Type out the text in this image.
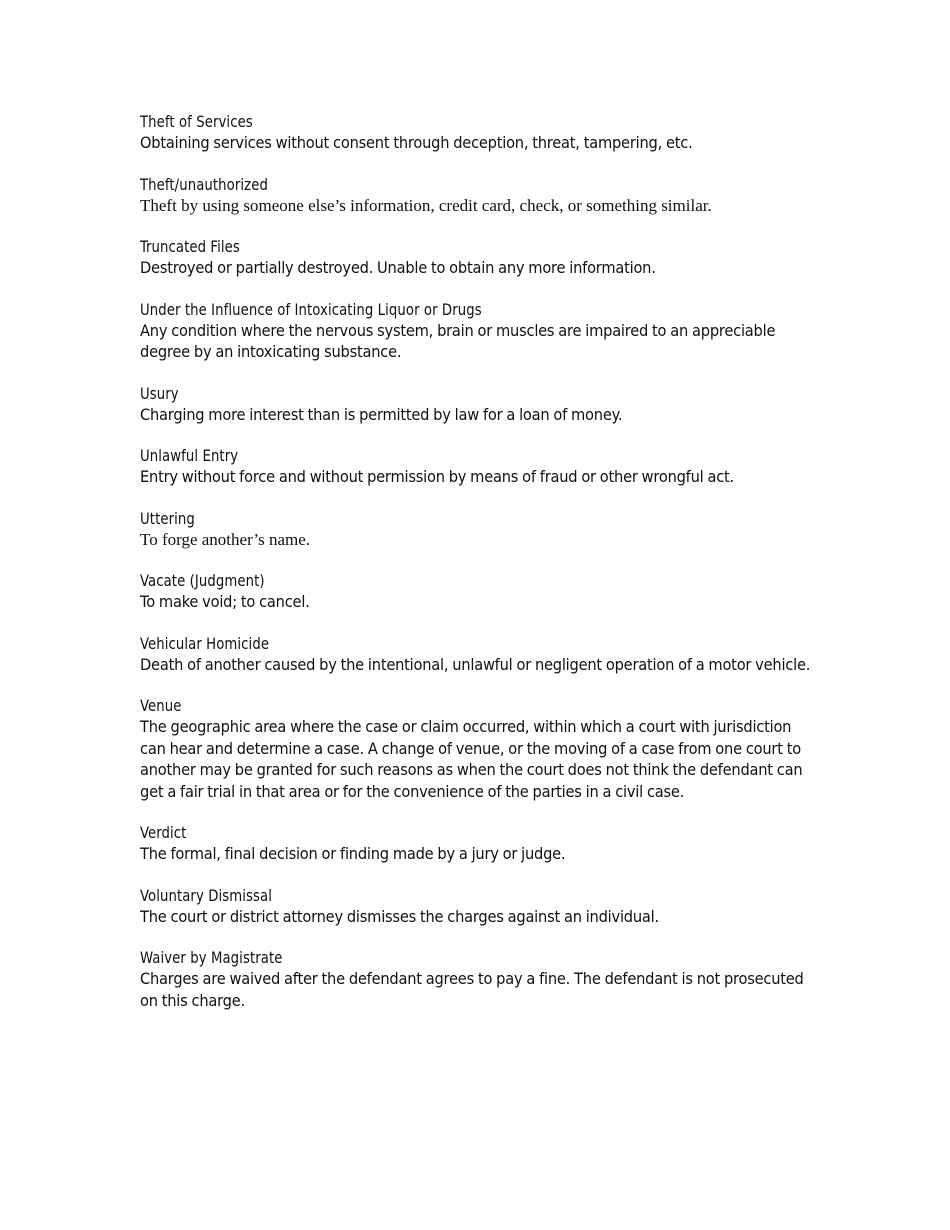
Theft of Services
Obtaining services without consent through deception, threat, tampering, etc.
Theft/unauthorized
Theft by using someone else’s information, credit card, check, or something similar.
Truncated Files
Destroyed or partially destroyed. Unable to obtain any more information.
Under the Influence of Intoxicating Liquor or Drugs
Any condition where the nervous system, brain or muscles are impaired to an appreciable degree by an intoxicating substance.
Usury
Charging more interest than is permitted by law for a loan of money.
Unlawful Entry
Entry without force and without permission by means of fraud or other wrongful act.
Uttering
To forge another’s name.
Vacate (Judgment)
To make void; to cancel.
Vehicular Homicide
Death of another caused by the intentional, unlawful or negligent operation of a motor vehicle.
Venue
The geographic area where the case or claim occurred, within which a court with jurisdiction can hear and determine a case. A change of venue, or the moving of a case from one court to another may be granted for such reasons as when the court does not think the defendant can get a fair trial in that area or for the convenience of the parties in a civil case.
Verdict
The formal, final decision or finding made by a jury or judge.
Voluntary Dismissal
The court or district attorney dismisses the charges against an individual.
Waiver by Magistrate
Charges are waived after the defendant agrees to pay a fine. The defendant is not prosecuted on this charge.
